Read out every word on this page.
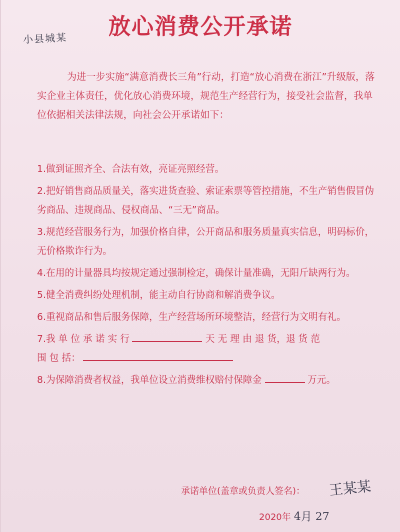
小县城某	放心消费公开承诺

为进一步实施“满意消费长三角”行动，打造“放心消费在浙江”升级版，落实企业主体责任，优化放心消费环境，规范生产经营行为，接受社会监督，我单位依据相关法律法规，向社会公开承诺如下：

1.做到证照齐全、合法有效，亮证亮照经营。

2.把好销售商品质量关，落实进货查验、索证索票等管控措施，不生产销售假冒伪劣商品、违规商品、侵权商品、“三无”商品。

3.规范经营服务行为，加强价格自律，公开商品和服务质量真实信息，明码标价，无价格欺诈行为。

4.在用的计量器具均按规定通过强制检定，确保计量准确，无阳斤缺两行为。

5.健全消费纠纷处理机制，能主动自行协商和解消费争议。

6.重视商品和售后服务保障，生产经营场所环境整洁，经营行为文明有礼。

7.我 单 位 承 诺 实 行	天 无 理 由 退 货，退 货 范
围 包 括：

8.为保障消费者权益，我单位设立消费维权赔付保障金	万元。

承诺单位(盖章或负责人签名)： 王某某
2020年 4月 27
